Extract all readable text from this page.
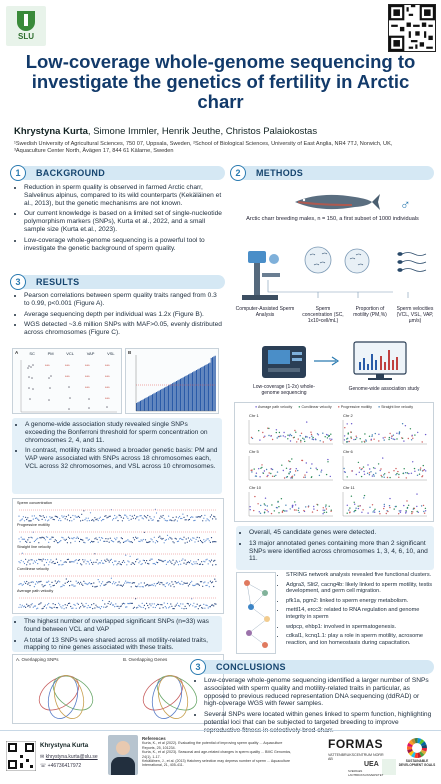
SLU
Low-coverage whole-genome sequencing to
investigate the genetics of fertility in Arctic
charr
Khrystyna Kurta, Simone Immler, Henrik Jeuthe, Christos Palaiokostas
¹Swedish University of Agricultural Sciences, 750 07, Uppsala, Sweden, ²School of Biological Sciences, University of East Anglia, NR4 7TJ, Norwich, UK,
³Aquaculture Center North, Ävägen 17, 844 61 Kälarne, Sweden
1	BACKGROUND
• Reduction in sperm quality is observed in farmed Arctic charr, Salvelinus alpinus, compared to its wild counterparts (Kekäläinen et al., 2013), but the genetic mechanisms are not known.
• Our current knowledge is based on a limited set of single-nucleotide polymorphism markers (SNPs), Kurta et al., 2022, and a small sample size (Kurta et.al., 2023).
• Low-coverage whole-genome sequencing is a powerful tool to investigate the genetic background of sperm quality.
3	RESULTS
• Pearson correlations between sperm quality traits ranged from 0.3 to 0.99, p<0.001 (Figure A).
• Average sequencing depth per individual was 1.2x (Figure B).
• WGS detected ~3.6 million SNPs with MAF>0.05, evenly distributed across chromosomes (Figure C).
A	SC	PM	VCL	VAP	VSL
***	***	***	***
***	***	***
***	***
***
B
• A genome-wide association study revealed single SNPs exceeding the Bonferroni threshold for sperm concentration on chromosomes 2, 4, and 11.
• In contrast, motility traits showed a broader genetic basis: PM and VAP were associated with SNPs across 18 chromosomes each, VCL across 32 chromosomes, and VSL across 10 chromosomes.
Sperm concentration
Progressive motility
Straight line velocity
Curvilinear velocity
Average path velocity
• The highest number of overlapped significant SNPs (n=33) was found between VCL and VAP
• A total of 13 SNPs were shared across all motility-related traits, mapping to nine genes associated with these traits.
A. Overlapping SNPs	B. Overlapping Genes
2	METHODS
♂
Arctic charr breeding males, n = 150, a first subset of 1000 individuals
Computer-Assisted Sperm Analysis
Sperm concentration (SC, 1x10⁹cell/mL)
Proportion of motility (PM,%)
Sperm velocities (VCL, VSL, VAP, µm/s)
Low-coverage (1-2x) whole-genome sequencing
Genome-wide association study
● Average path velocity ● Curvilinear velocity ● Progressive motility ● Straight line velocity
Chr 1	Chr 2
Chr 5	Chr 6
Chr 10	Chr 11
• Overall, 45 candidate genes were detected.
• 13 major annotated genes containing more than 2 significant SNPs were identified across chromosomes 1, 3, 4, 6, 10, and 11.
• STRING network analysis revealed five functional clusters.
• Adgra3, Slit2, cacng4b: likely linked to sperm motility, testis development, and germ cell migration.
• pfk1a, pgm2: linked to sperm energy metabolism.
• mettl14, ercc3: related to RNA regulation and genome integrity in sperm
• wdpcp, ehbp1: involved in spermatogenesis.
• cdkal1, kcnq1.1: play a role in sperm motility, acrosome reaction, and ion homeostasis during capacitation.
3	CONCLUSIONS
• Low-coverage whole-genome sequencing identified a larger number of SNPs associated with sperm quality and motility-related traits in particular, as opposed to previous reduced representation DNA sequencing (ddRAD) or high-coverage WGS with fewer samples.
• Several SNPs were located within genes linked to sperm function, highlighting potential loci that can be subjected to targeted breeding to improve reproductive fitness in selectively bred charr.
Khrystyna Kurta
✉ khrystyna.kurta@slu.se
☏ +46736417972
References
Kurta, K., et al (2022). Evaluating the potential of improving sperm quality ... Aquaculture Reports, 25, 101234.
Kurta, K., et al (2023). Seasonal and age-related changes in sperm quality ... BMC Genomics, 24(1), 1-17.
Kekäläinen, J., et al. (2013) Hatchery selection may depress number of sperm ... Aquaculture International, 21, 405-411.
FORMAS
VATTENBRUKSCENTRUM NORR AB
UEA
SVERIGES LANTBRUKSUNIVERSITET
SUSTAINABLE DEVELOPMENT GOALS
